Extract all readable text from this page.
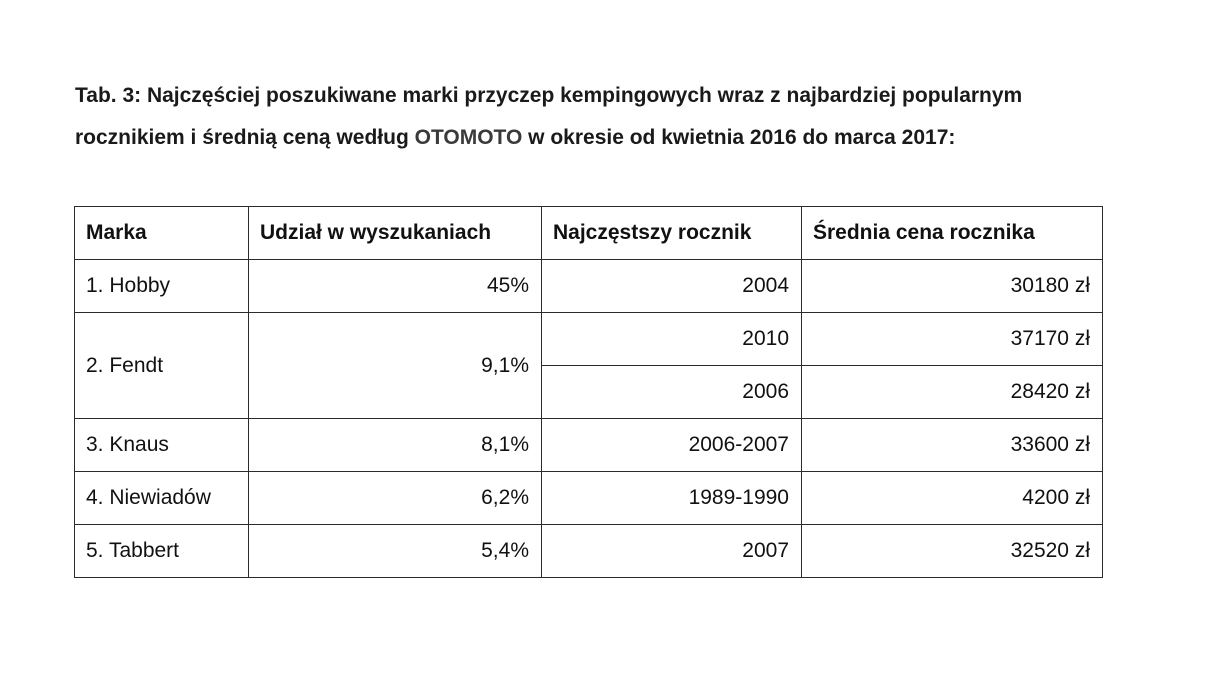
Tab. 3: Najczęściej poszukiwane marki przyczep kempingowych wraz z najbardziej popularnym rocznikiem i średnią ceną według OTOMOTO w okresie od kwietnia 2016 do marca 2017:
Marka	Udział w wyszukaniach	Najczęstszy rocznik	Średnia cena rocznika
1. Hobby	45%	2004	30180 zł
2. Fendt	9,1%	2010	37170 zł
		2006	28420 zł
3. Knaus	8,1%	2006-2007	33600 zł
4. Niewiadów	6,2%	1989-1990	4200 zł
5. Tabbert	5,4%	2007	32520 zł
